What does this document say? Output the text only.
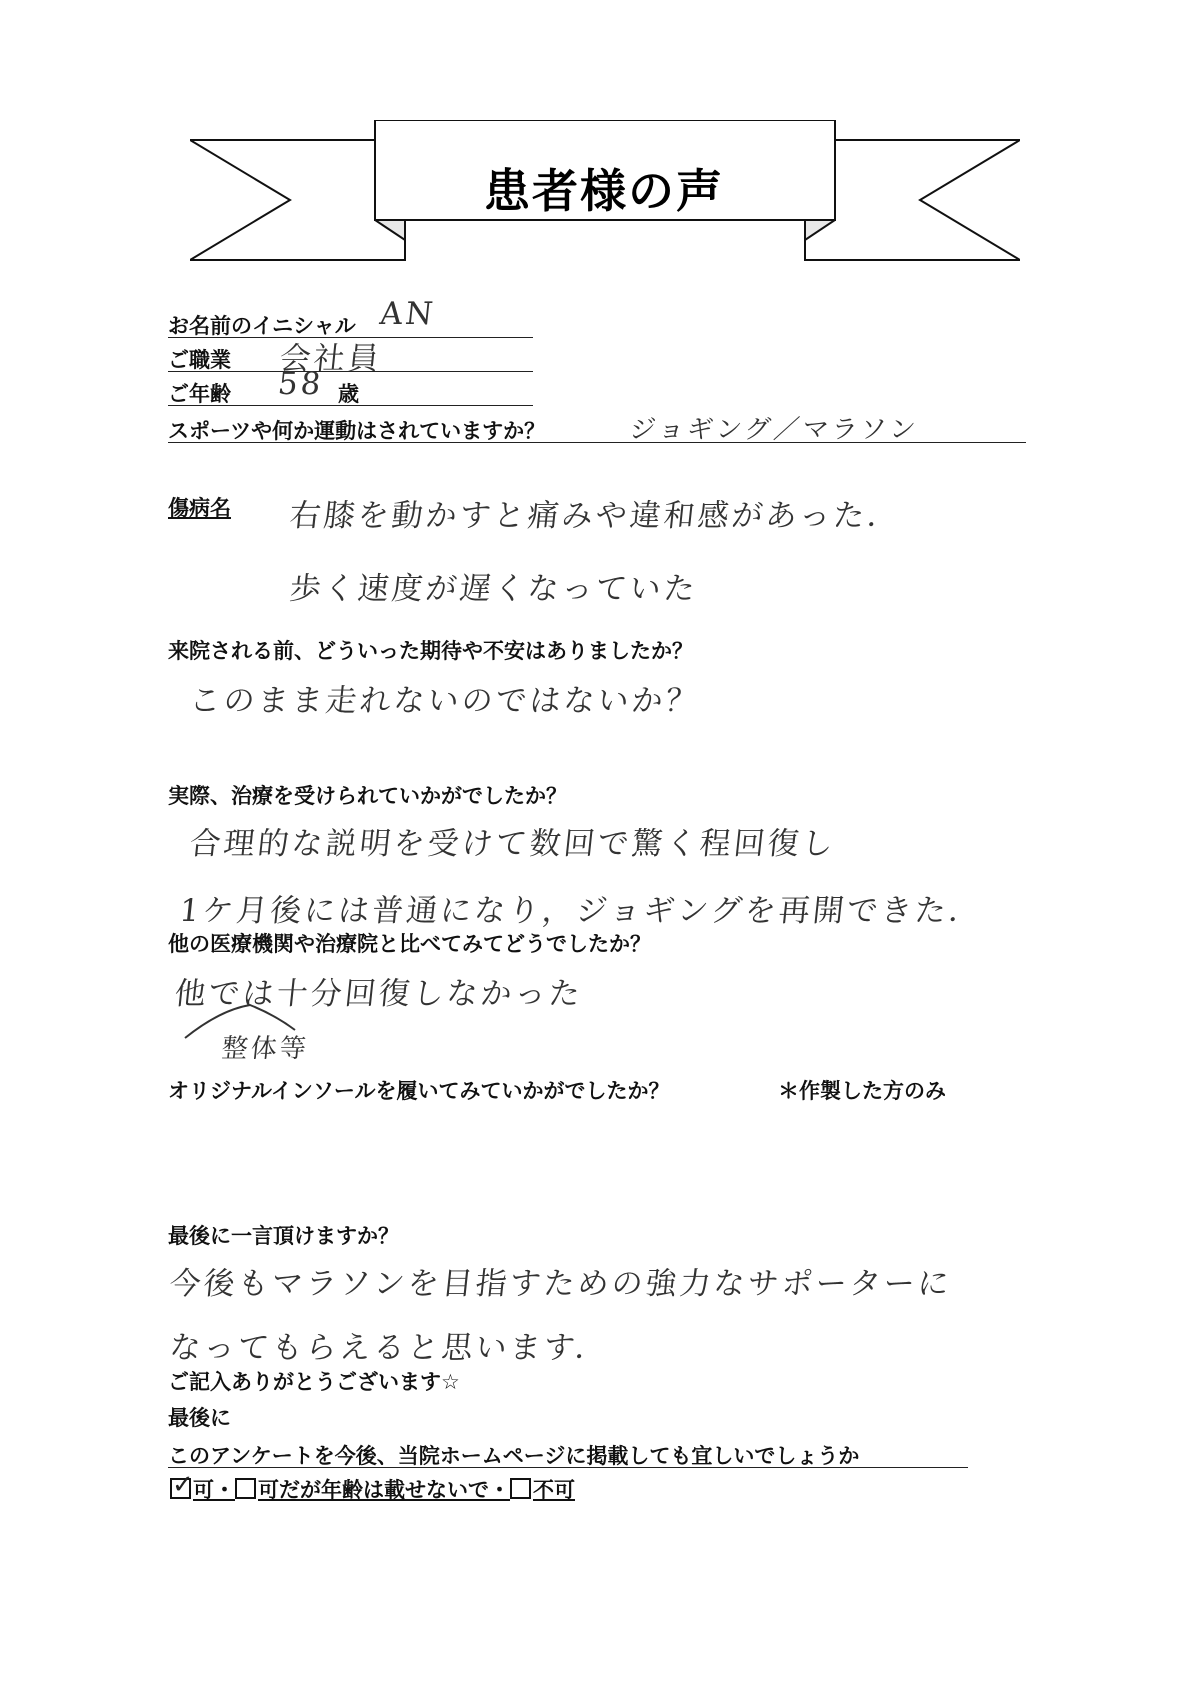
患者様の声
お名前のイニシャル AN
ご職業 会社員
ご年齢 58 歳
スポーツや何か運動はされていますか？	ジョギング／マラソン
傷病名 右膝を動かすと痛みや違和感があった．
歩く速度が遅くなっていた
来院される前、どういった期待や不安はありましたか？
このまま走れないのではないか？
実際、治療を受けられていかがでしたか？
合理的な説明を受けて数回で驚く程回復し
1ケ月後には普通になり，ジョギングを再開できた．
他の医療機関や治療院と比べてみてどうでしたか？
他では十分回復しなかった
整体等
オリジナルインソールを履いてみていかがでしたか？	＊作製した方のみ
最後に一言頂けますか？
今後もマラソンを目指すための強力なサポーターに
なってもらえると思います．
ご記入ありがとうございます☆
最後に
このアンケートを今後、当院ホームページに掲載しても宜しいでしょうか
✓可・ 可だが年齢は載せないで・ 不可
